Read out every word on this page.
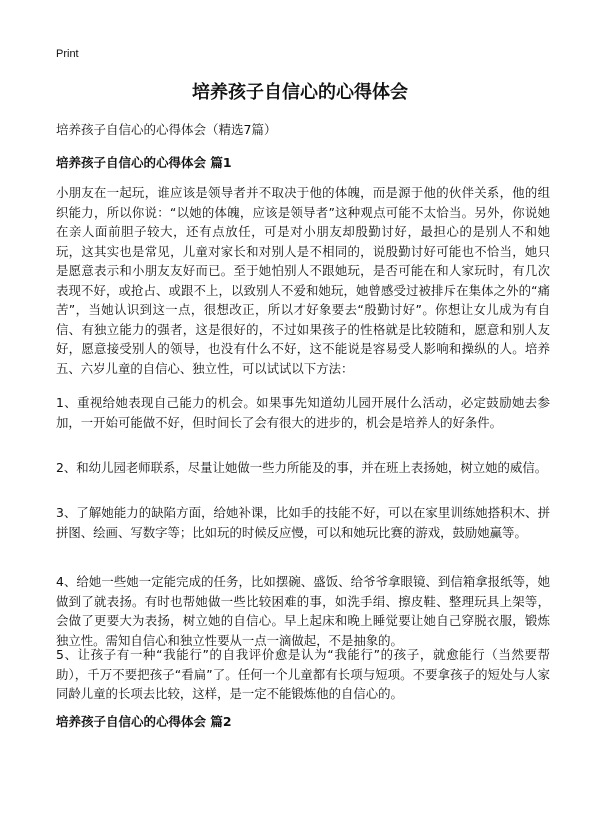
Print
培养孩子自信心的心得体会

培养孩子自信心的心得体会（精选7篇）

培养孩子自信心的心得体会 篇1

小朋友在一起玩，谁应该是领导者并不取决于他的体魄，而是源于他的伙伴关系，他的组织能力，所以你说：“以她的体魄，应该是领导者”这种观点可能不太恰当。另外，你说她在亲人面前胆子较大，还有点放任，可是对小朋友却殷勤讨好，最担心的是别人不和她玩，这其实也是常见，儿童对家长和对别人是不相同的，说殷勤讨好可能也不恰当，她只是愿意表示和小朋友友好而已。至于她怕别人不跟她玩，是否可能在和人家玩时，有几次表现不好，或抢占、或跟不上，以致别人不爱和她玩，她曾感受过被排斥在集体之外的“痛苦”，当她认识到这一点，很想改正，所以才好象要去“殷勤讨好”。你想让女儿成为有自信、有独立能力的强者，这是很好的，不过如果孩子的性格就是比较随和，愿意和别人友好，愿意接受别人的领导，也没有什么不好，这不能说是容易受人影响和操纵的人。培养五、六岁儿童的自信心、独立性，可以试试以下方法：

1、重视给她表现自己能力的机会。如果事先知道幼儿园开展什么活动，必定鼓励她去参加，一开始可能做不好，但时间长了会有很大的进步的，机会是培养人的好条件。

2、和幼儿园老师联系，尽量让她做一些力所能及的事，并在班上表扬她，树立她的威信。

3、了解她能力的缺陷方面，给她补课，比如手的技能不好，可以在家里训练她搭积木、拼拼图、绘画、写数字等；比如玩的时候反应慢，可以和她玩比赛的游戏，鼓励她赢等。

4、给她一些她一定能完成的任务，比如摆碗、盛饭、给爷爷拿眼镜、到信箱拿报纸等，她做到了就表扬。有时也帮她做一些比较困难的事，如洗手绢、擦皮鞋、整理玩具上架等，会做了更要大为表扬，树立她的自信心。早上起床和晚上睡觉要让她自己穿脱衣服，锻炼独立性。需知自信心和独立性要从一点一滴做起，不是抽象的。

5、让孩子有一种“我能行”的自我评价愈是认为“我能行”的孩子，就愈能行（当然要帮助），千万不要把孩子“看扁”了。任何一个儿童都有长项与短项。不要拿孩子的短处与人家同龄儿童的长项去比较，这样，是一定不能锻炼他的自信心的。

培养孩子自信心的心得体会 篇2
